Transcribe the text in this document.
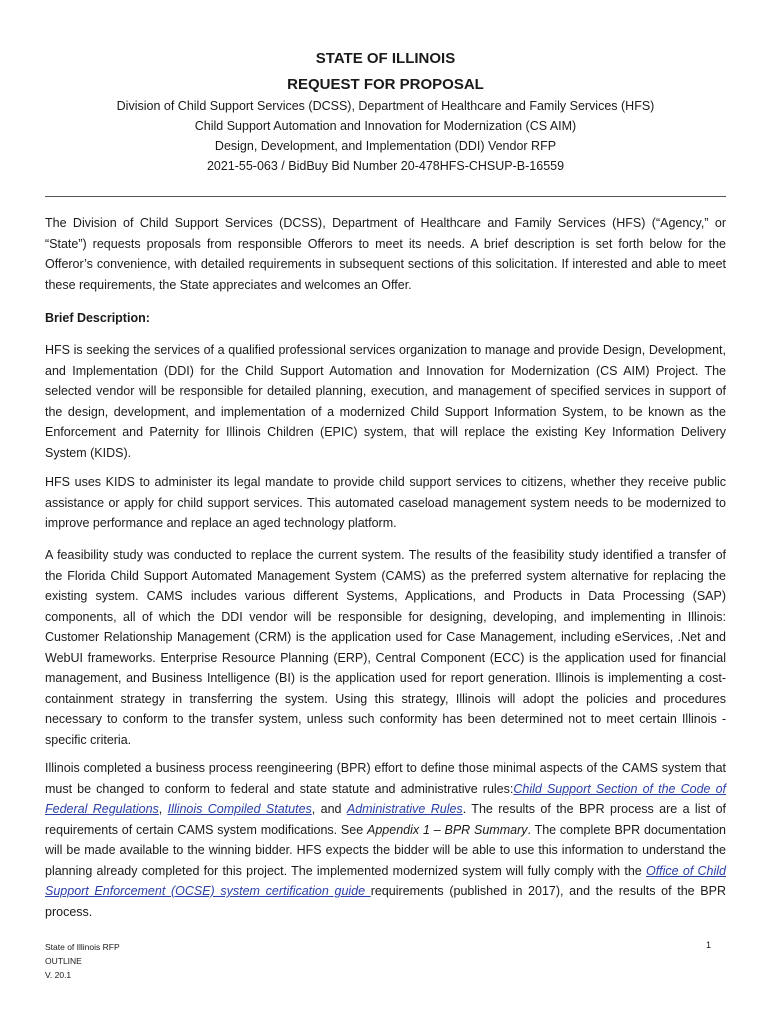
STATE OF ILLINOIS
REQUEST FOR PROPOSAL
Division of Child Support Services (DCSS), Department of Healthcare and Family Services (HFS)
Child Support Automation and Innovation for Modernization (CS AIM)
Design, Development, and Implementation (DDI) Vendor RFP
2021-55-063 / BidBuy Bid Number 20-478HFS-CHSUP-B-16559
The Division of Child Support Services (DCSS), Department of Healthcare and Family Services (HFS) (“Agency,” or “State”) requests proposals from responsible Offerors to meet its needs. A brief description is set forth below for the Offeror’s convenience, with detailed requirements in subsequent sections of this solicitation. If interested and able to meet these requirements, the State appreciates and welcomes an Offer.
Brief Description:
HFS is seeking the services of a qualified professional services organization to manage and provide Design, Development, and Implementation (DDI) for the Child Support Automation and Innovation for Modernization (CS AIM) Project. The selected vendor will be responsible for detailed planning, execution, and management of specified services in support of the design, development, and implementation of a modernized Child Support Information System, to be known as the Enforcement and Paternity for Illinois Children (EPIC) system, that will replace the existing Key Information Delivery System (KIDS).
HFS uses KIDS to administer its legal mandate to provide child support services to citizens, whether they receive public assistance or apply for child support services. This automated caseload management system needs to be modernized to improve performance and replace an aged technology platform.
A feasibility study was conducted to replace the current system. The results of the feasibility study identified a transfer of the Florida Child Support Automated Management System (CAMS) as the preferred system alternative for replacing the existing system. CAMS includes various different Systems, Applications, and Products in Data Processing (SAP) components, all of which the DDI vendor will be responsible for designing, developing, and implementing in Illinois: Customer Relationship Management (CRM) is the application used for Case Management, including eServices, .Net and WebUI frameworks. Enterprise Resource Planning (ERP), Central Component (ECC) is the application used for financial management, and Business Intelligence (BI) is the application used for report generation. Illinois is implementing a cost-containment strategy in transferring the system. Using this strategy, Illinois will adopt the policies and procedures necessary to conform to the transfer system, unless such conformity has been determined not to meet certain Illinois -specific criteria.
Illinois completed a business process reengineering (BPR) effort to define those minimal aspects of the CAMS system that must be changed to conform to federal and state statute and administrative rules:Child Support Section of the Code of Federal Regulations, Illinois Compiled Statutes, and Administrative Rules. The results of the BPR process are a list of requirements of certain CAMS system modifications. See Appendix 1 – BPR Summary. The complete BPR documentation will be made available to the winning bidder. HFS expects the bidder will be able to use this information to understand the planning already completed for this project. The implemented modernized system will fully comply with the Office of Child Support Enforcement (OCSE) system certification guide requirements (published in 2017), and the results of the BPR process.
State of Illinois RFP
OUTLINE
V. 20.1
1
